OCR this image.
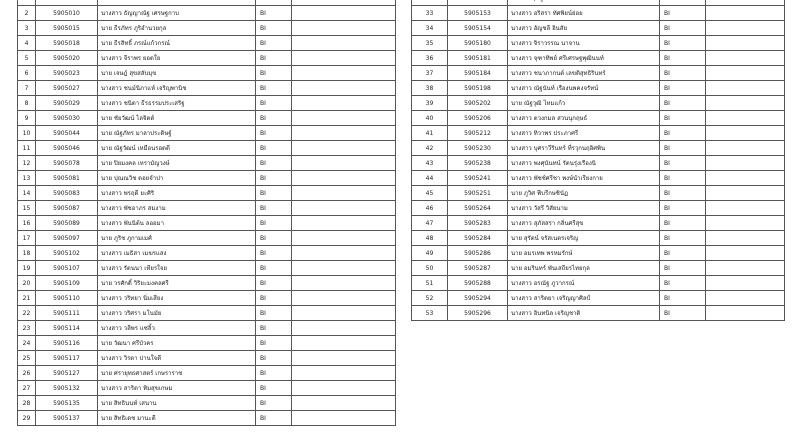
2	5905010	นางสาว ธัญญาณัฐ เศรษฐกาบ	BI	
3	5905015	นาย ธีรภัทร ภูริอำนวยกุล	BI	
4	5905018	นาย ธีรสิทธิ์ ภรณ์แก้วกรณ์	BI	
5	5905020	นางสาว จีราพร ยอดใย	BI	
6	5905023	นาย เจษฎ์ สุขสลับมุข	BI	
7	5905027	นางสาว ชนม์นิภาแห์ เจริญพานิช	BI	
8	5905029	นางสาว ชนิดา ธีรธรรมประเสริฐ	BI	
9	5905030	นาย ชัยวัฒน์ ไลจิตต์	BI	
10	5905044	นาย ณัฐภัทร มาลาประดิษฐ์	BI	
11	5905046	นาย ณัฐวัฒน์ เหมือนรอดดี	BI	
12	5905078	นาย ปิยมงคล เหรามัญวงษ์	BI	
13	5905081	นาย ปุณณวิช ดอยจำปา	BI	
14	5905083	นางสาว พรฤดี ยะศิริ	BI	
15	5905087	นางสาว พัชอาภร สมงาม	BI	
16	5905089	นางสาว พันนิต้น ลออมา	BI	
17	5905097	นาย ภูริช ภูกามเมศ์	BI	
18	5905102	นางสาว เมธิสา เมฆรแสง	BI	
19	5905107	นางสาว รัตนนา เทียรใจย	BI	
20	5905109	นาย วรศักดิ์ วิริยะมงคลศรี	BI	
21	5905110	นางสาว วริทยา นิ่มเสียง	BI	
22	5905111	นางสาว วริศรา มโนมัย	BI	
23	5905114	นางสาว วลีพร แซ่ลิ้ว	BI	
24	5905116	นาย วัฒนา ศรีบัวคร	BI	
25	5905117	นางสาว วิรดา ปานใจดี	BI	
26	5905127	นาย ศรายุทธศาสตร์ เกษราราช	BI	
27	5905132	นางสาว สาริตา ทิมสุขเกษม	BI	
28	5905135	นาย สิทธินนท์ เสนาน	BI	
29	5905137	นาย สิทธิเดช มานะดี	BI	

33	5905153	นางสาว อริสรา ทัศพิยน์ย่อย	BI	
34	5905154	นางสาว อัญชลี อินสัย	BI	
35	5905180	นางสาว จิราวรรณ นาจาน	BI	
36	5905181	นางสาว จุฑาทิพย์ ศรีเศรษฐพุฒินนท์	BI	
37	5905184	นางสาว ชนาภากนต์ เลขติสุทธิรินทร์	BI	
38	5905198	นางสาว ณัฐนันท์ เรืองนพคงจรัทน์	BI	
39	5905202	นาย ณัฐวุฒิ ไหมแก้ว	BI	
40	5905206	นางสาว ดวงกมล สวนนุกฤษธ์	BI	
41	5905212	นางสาว ทิวาพร ประภาศรี	BI	
42	5905230	นางสาว บุศราวีรินทร์ ที่รวุกนฤอิศพิน	BI	
43	5905238	นางสาว พงศุนันทน์ รัตนรุ่งเรืองนิ	BI	
44	5905241	นางสาว พัชช์ศรีชา พงษ์นำเรียงกาย	BI	
45	5905251	นาย ภูวิศ ฟีบรีกษชินัฏ	BI	
46	5905264	นางสาว วัสรี วิสัยนาม	BI	
47	5905283	นางสาว สุภัสสรา กลิ่นศรีสุข	BI	
48	5905284	นาย สุรัตน์ จรัสเนตรเจริญ	BI	
49	5905286	นาย อมรเทพ พรหมรักษ์	BI	
50	5905287	นาย อมรินทร์ พันเสถียรไทยกุล	BI	
51	5905288	นางสาว อรณัฐ ภูวากรณ์	BI	
52	5905294	นางสาว สาริตยา เจริญญาศิลป์	BI	
53	5905296	นางสาว อินทนิล เจริญชาติ	BI	
